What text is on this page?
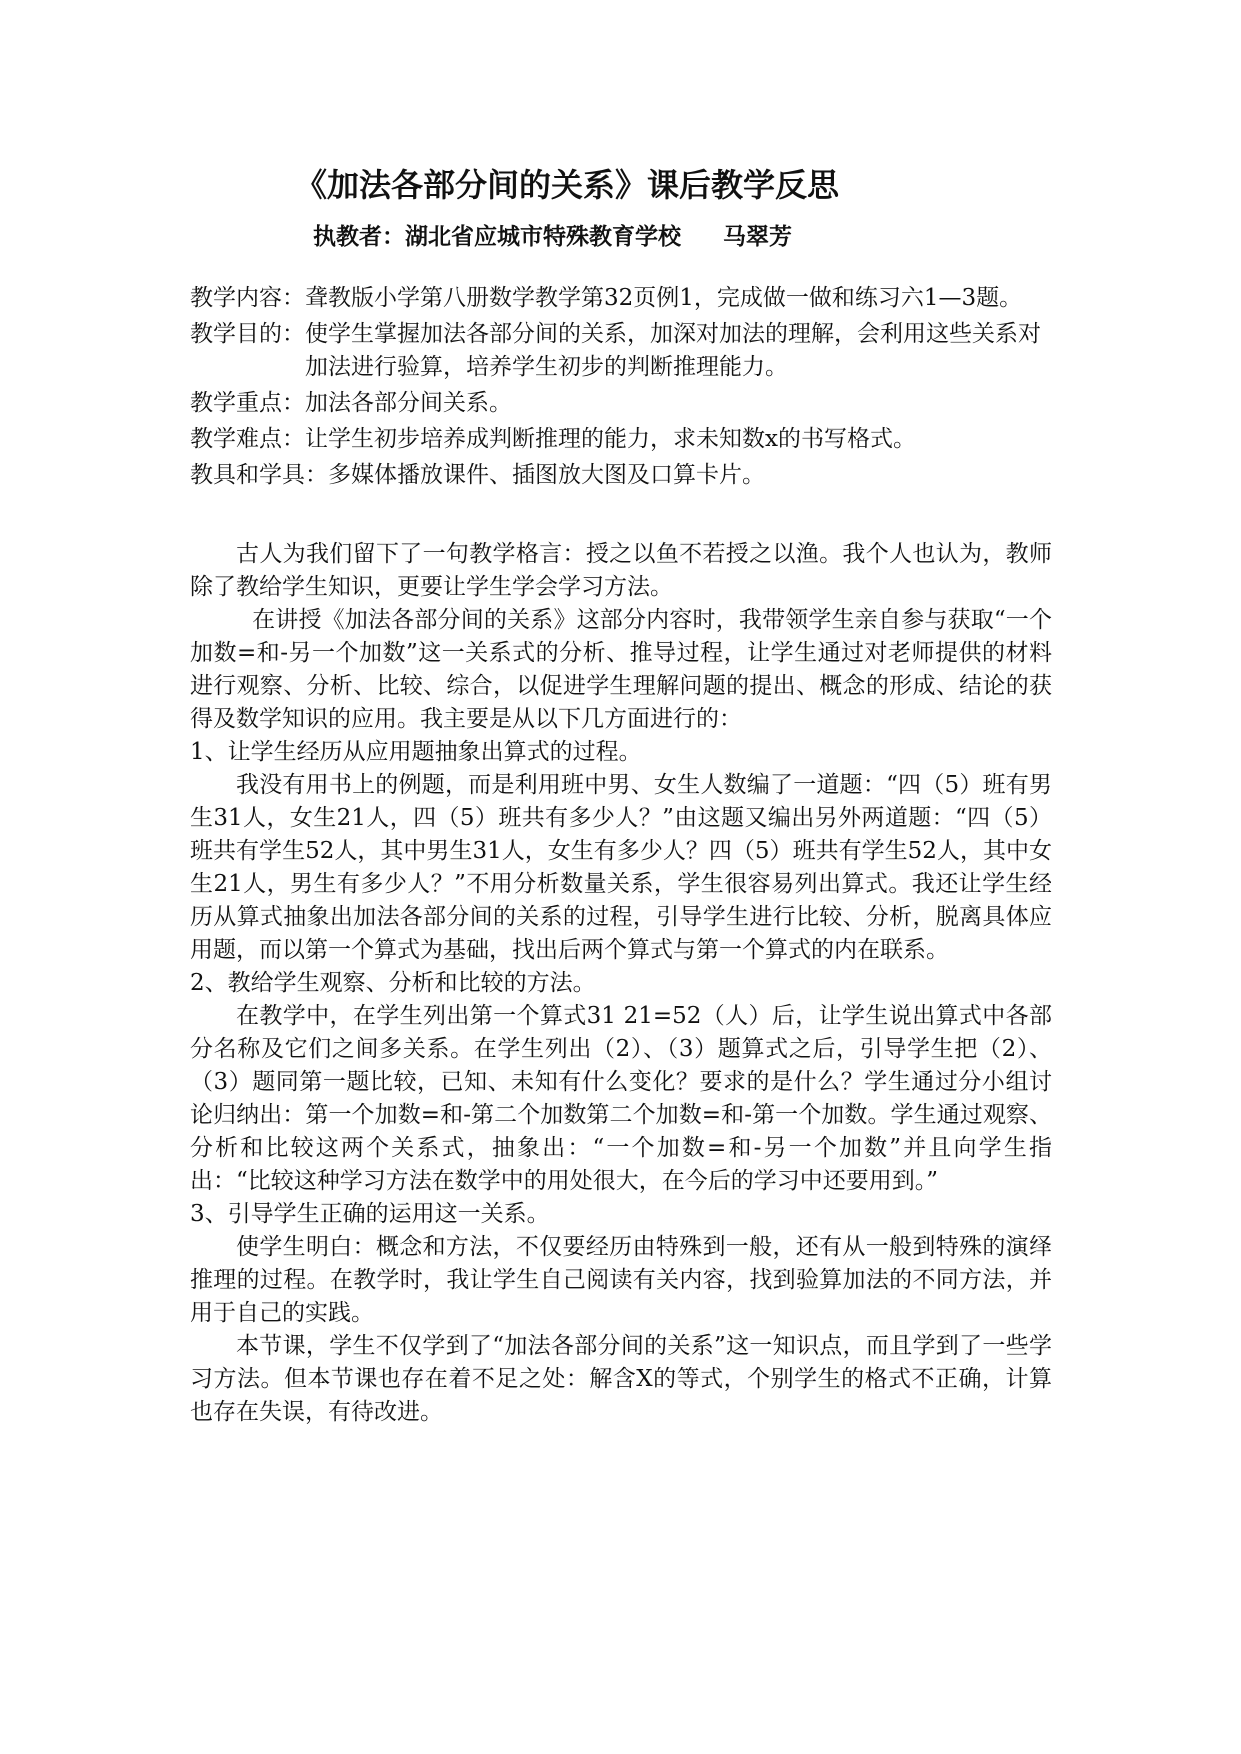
《加法各部分间的关系》课后教学反思
执教者：湖北省应城市特殊教育学校 马翠芳
教学内容： 聋教版小学第八册数学教学第32页例1，完成做一做和练习六1—3题。
教学目的： 使学生掌握加法各部分间的关系，加深对加法的理解，会利用这些关系对加法进行验算，培养学生初步的判断推理能力。
教学重点： 加法各部分间关系。
教学难点： 让学生初步培养成判断推理的能力，求未知数x的书写格式。
教具和学具： 多媒体播放课件、插图放大图及口算卡片。

古人为我们留下了一句教学格言：授之以鱼不若授之以渔。我个人也认为，教师除了教给学生知识，更要让学生学会学习方法。

在讲授《加法各部分间的关系》这部分内容时，我带领学生亲自参与获取“一个加数=和-另一个加数”这一关系式的分析、推导过程，让学生通过对老师提供的材料进行观察、分析、比较、综合，以促进学生理解问题的提出、概念的形成、结论的获得及数学知识的应用。我主要是从以下几方面进行的：

1、让学生经历从应用题抽象出算式的过程。

我没有用书上的例题，而是利用班中男、女生人数编了一道题：“四（5）班有男生31人，女生21人，四（5）班共有多少人？”由这题又编出另外两道题：“四（5）班共有学生52人，其中男生31人，女生有多少人？四（5）班共有学生52人，其中女生21人，男生有多少人？”不用分析数量关系，学生很容易列出算式。我还让学生经历从算式抽象出加法各部分间的关系的过程，引导学生进行比较、分析，脱离具体应用题，而以第一个算式为基础，找出后两个算式与第一个算式的内在联系。

2、教给学生观察、分析和比较的方法。

在教学中，在学生列出第一个算式31 21=52（人）后，让学生说出算式中各部分名称及它们之间多关系。在学生列出（2）、（3）题算式之后，引导学生把（2）、（3）题同第一题比较，已知、未知有什么变化？要求的是什么？学生通过分小组讨论归纳出：第一个加数=和-第二个加数第二个加数=和-第一个加数。学生通过观察、分析和比较这两个关系式，抽象出：“一个加数=和-另一个加数”并且向学生指出：“比较这种学习方法在数学中的用处很大，在今后的学习中还要用到。”

3、引导学生正确的运用这一关系。

使学生明白：概念和方法，不仅要经历由特殊到一般，还有从一般到特殊的演绎推理的过程。在教学时，我让学生自己阅读有关内容，找到验算加法的不同方法，并用于自己的实践。

本节课，学生不仅学到了“加法各部分间的关系”这一知识点，而且学到了一些学习方法。但本节课也存在着不足之处：解含X的等式，个别学生的格式不正确，计算也存在失误，有待改进。
